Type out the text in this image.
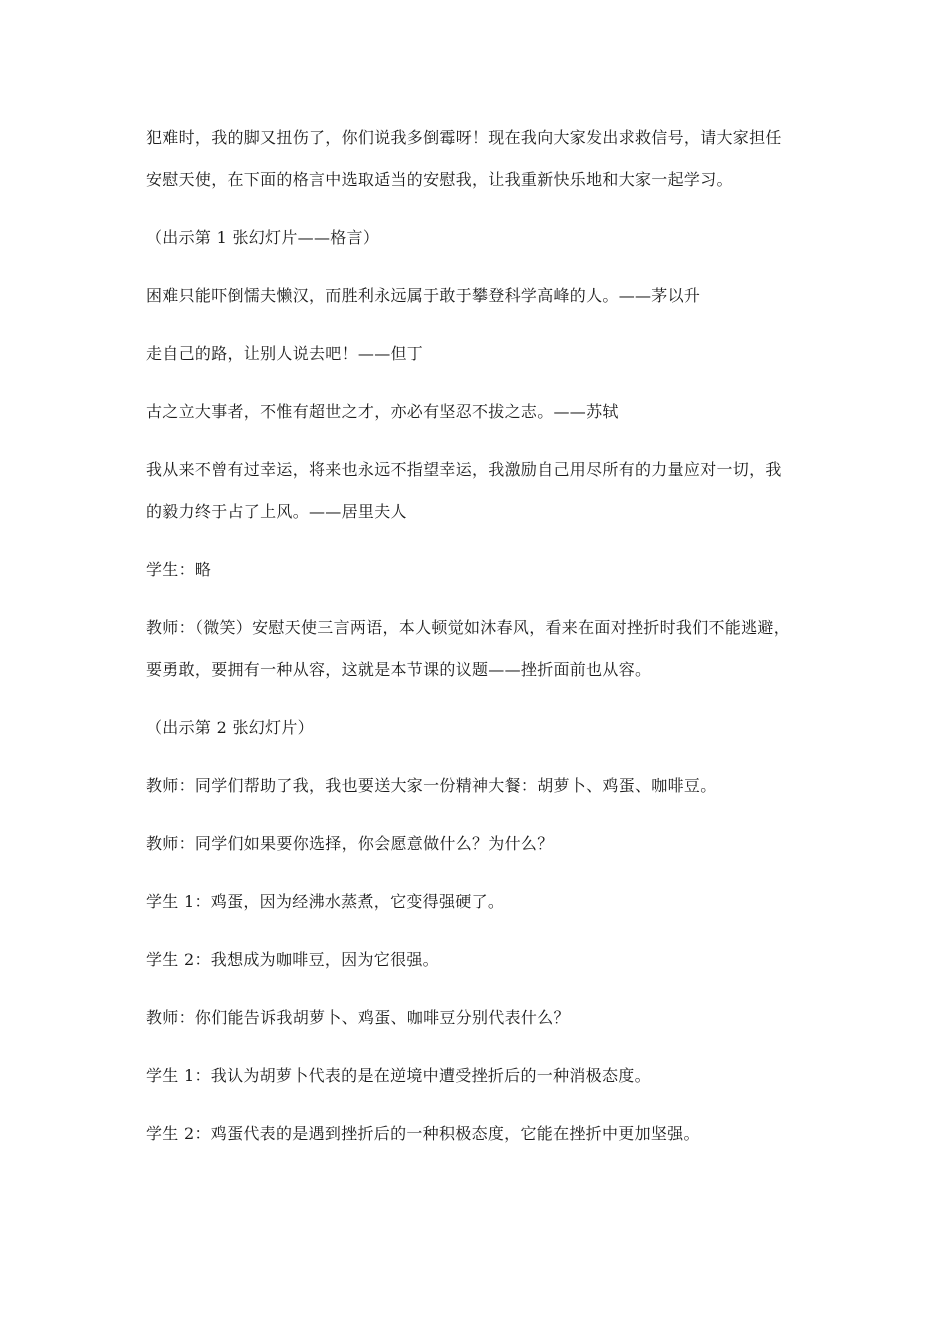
犯难时，我的脚又扭伤了，你们说我多倒霉呀！现在我向大家发出求救信号，请大家担任
安慰天使，在下面的格言中选取适当的安慰我，让我重新快乐地和大家一起学习。
（出示第 1 张幻灯片——格言）
困难只能吓倒懦夫懒汉，而胜利永远属于敢于攀登科学高峰的人。——茅以升
走自己的路，让别人说去吧！——但丁
古之立大事者，不惟有超世之才，亦必有坚忍不拔之志。——苏轼
我从来不曾有过幸运，将来也永远不指望幸运，我激励自己用尽所有的力量应对一切，我
的毅力终于占了上风。——居里夫人
学生：略
教师：（微笑）安慰天使三言两语，本人顿觉如沐春风，看来在面对挫折时我们不能逃避，
要勇敢，要拥有一种从容，这就是本节课的议题——挫折面前也从容。
（出示第 2 张幻灯片）
教师：同学们帮助了我，我也要送大家一份精神大餐：胡萝卜、鸡蛋、咖啡豆。
教师：同学们如果要你选择，你会愿意做什么？为什么？
学生 1：鸡蛋，因为经沸水蒸煮，它变得强硬了。
学生 2：我想成为咖啡豆，因为它很强。
教师：你们能告诉我胡萝卜、鸡蛋、咖啡豆分别代表什么？
学生 1：我认为胡萝卜代表的是在逆境中遭受挫折后的一种消极态度。
学生 2：鸡蛋代表的是遇到挫折后的一种积极态度，它能在挫折中更加坚强。
